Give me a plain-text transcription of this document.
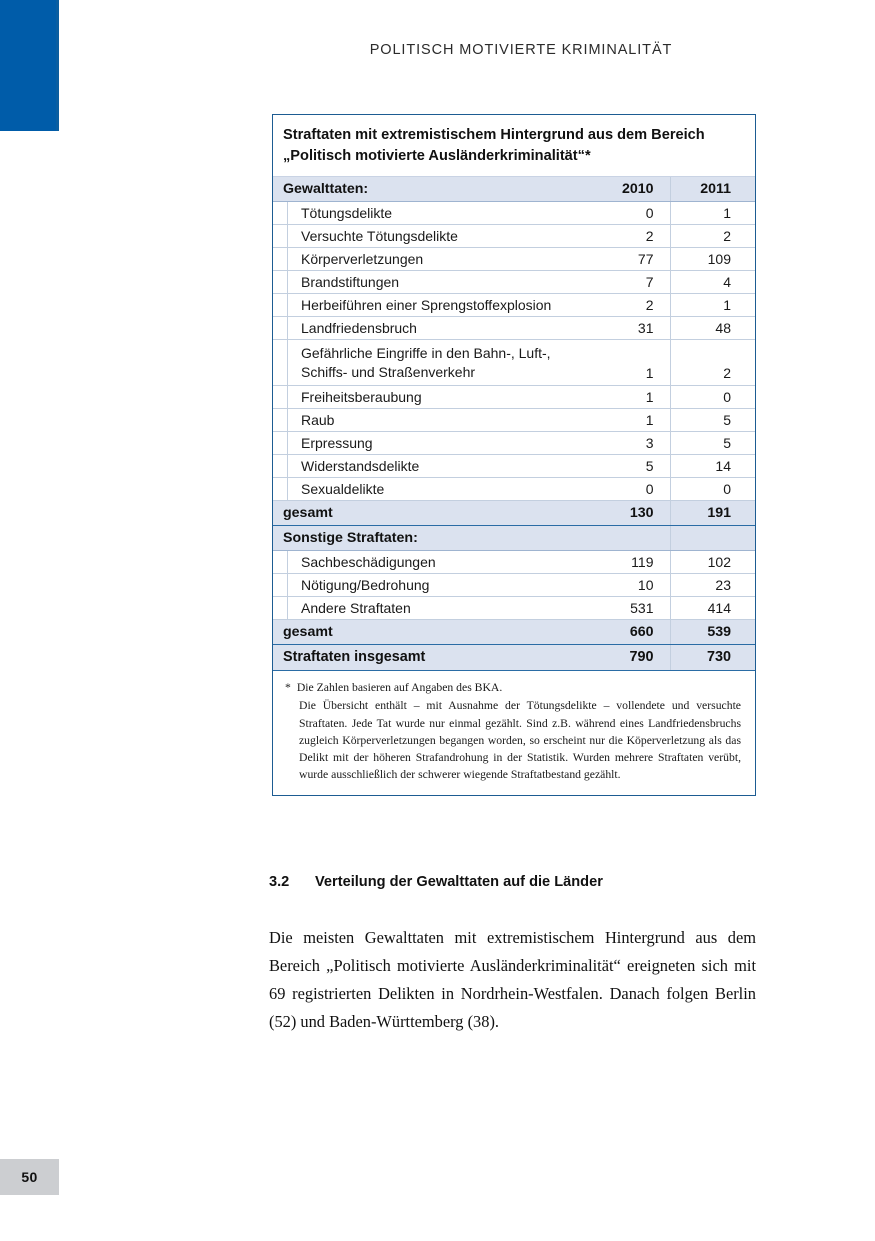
POLITISCH MOTIVIERTE KRIMINALITÄT
Straftaten mit extremistischem Hintergrund aus dem Bereich
„Politisch motivierte Ausländerkriminalität“*		

Gewalttaten:	2010	2011
Tötungsdelikte	0	1
Versuchte Tötungsdelikte	2	2
Körperverletzungen	77	109
Brandstiftungen	7	4
Herbeiführen einer Sprengstoffexplosion	2	1
Landfriedensbruch	31	48
Gefährliche Eingriffe in den Bahn-, Luft-,
Schiffs- und Straßenverkehr	1	2
Freiheitsberaubung	1	0
Raub	1	5
Erpressung	3	5
Widerstandsdelikte	5	14
Sexualdelikte	0	0
gesamt	130	191
Sonstige Straftaten:		
Sachbeschädigungen	119	102
Nötigung/Bedrohung	10	23
Andere Straftaten	531	414
gesamt	660	539
Straftaten insgesamt	790	730
* Die Zahlen basieren auf Angaben des BKA.
Die Übersicht enthält – mit Ausnahme der Tötungsdelikte – vollendete und versuchte Straftaten. Jede Tat wurde nur einmal gezählt. Sind z.B. während eines Landfriedensbruchs zugleich Körperverletzungen begangen worden, so erscheint nur die Köperverletzung als das Delikt mit der höheren Strafandrohung in der Statistik. Wurden mehrere Straftaten verübt, wurde ausschließlich der schwerer wiegende Straftatbestand gezählt.
3.2	Verteilung der Gewalttaten auf die Länder

Die meisten Gewalttaten mit extremistischem Hintergrund aus dem Bereich „Politisch motivierte Ausländerkriminalität“ ereigneten sich mit 69 registrierten Delikten in Nordrhein-Westfalen. Danach folgen Berlin (52) und Baden-Württemberg (38).

50
